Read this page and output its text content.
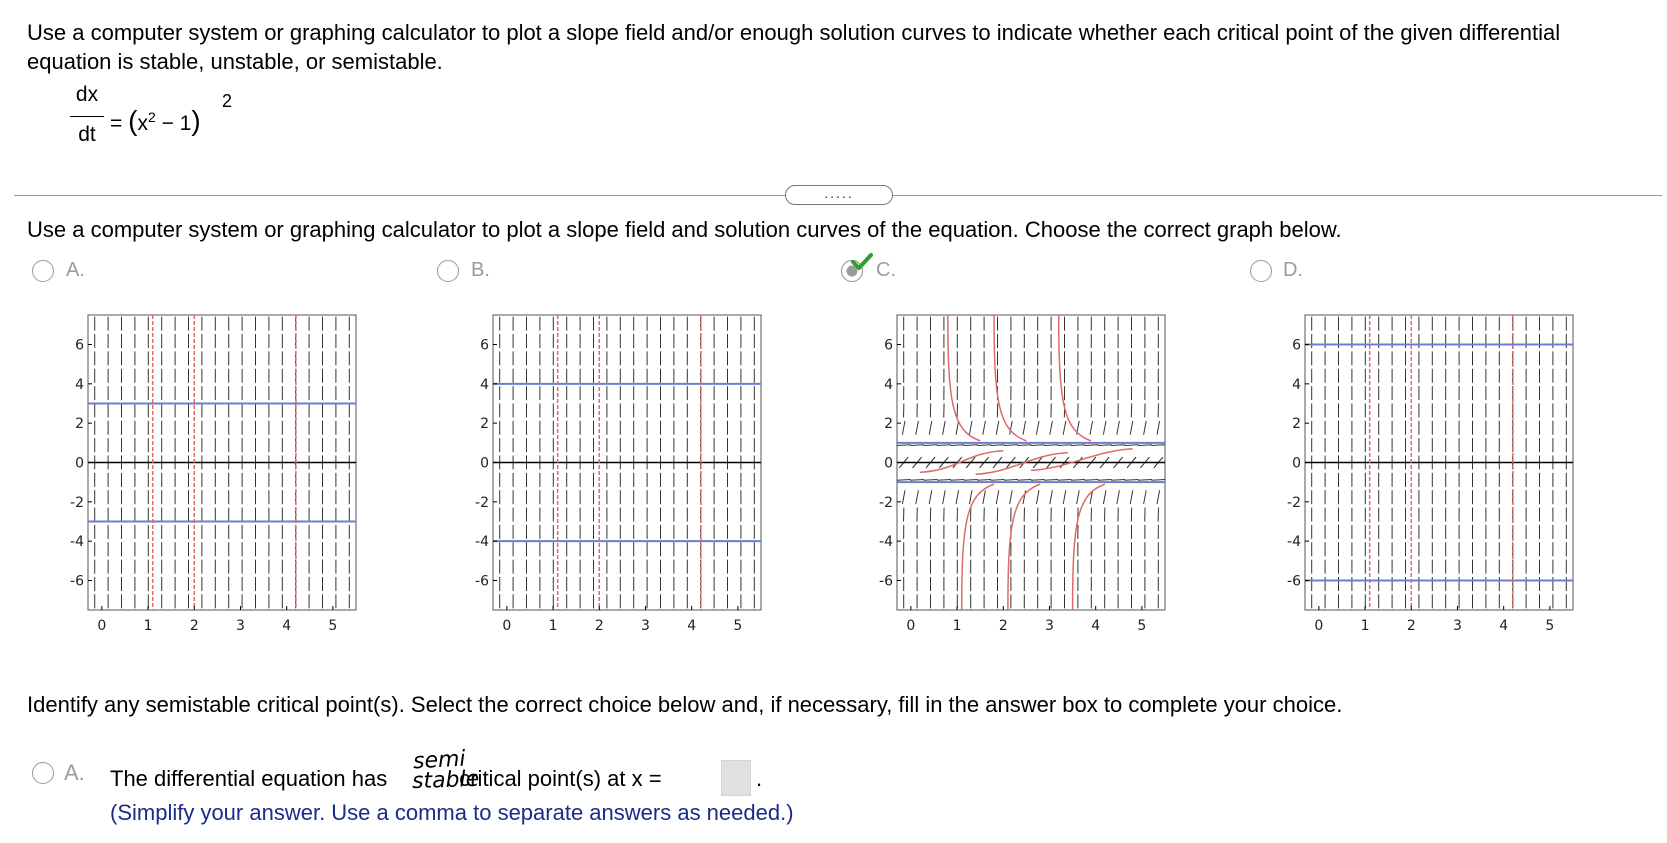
Use a computer system or graphing calculator to plot a slope field and/or enough solution curves to indicate whether each critical point of the given differential equation is stable, unstable, or semistable.
dx
dt = $(x^2 - 1)$
2
.....
Use a computer system or graphing calculator to plot a slope field and solution curves of the equation. Choose the correct graph below.
A.	B.	C.	D.
6
4
2
0
-2
-4
-6
0	1	2	3	4	5
6
4
2
0
-2
-4
-6
0	1	2	3	4	5
6
4
2
0
-2
-4
-6
0	1	2	3	4	5
6
4
2
0
-2
-4
-6
0	1	2	3	4	5
Identify any semistable critical point(s). Select the correct choice below and, if necessary, fill in the answer box to complete your choice.
A. The differential equation has	critical point(s) at x =
semi
stable	.
(Simplify your answer. Use a comma to separate answers as needed.)
